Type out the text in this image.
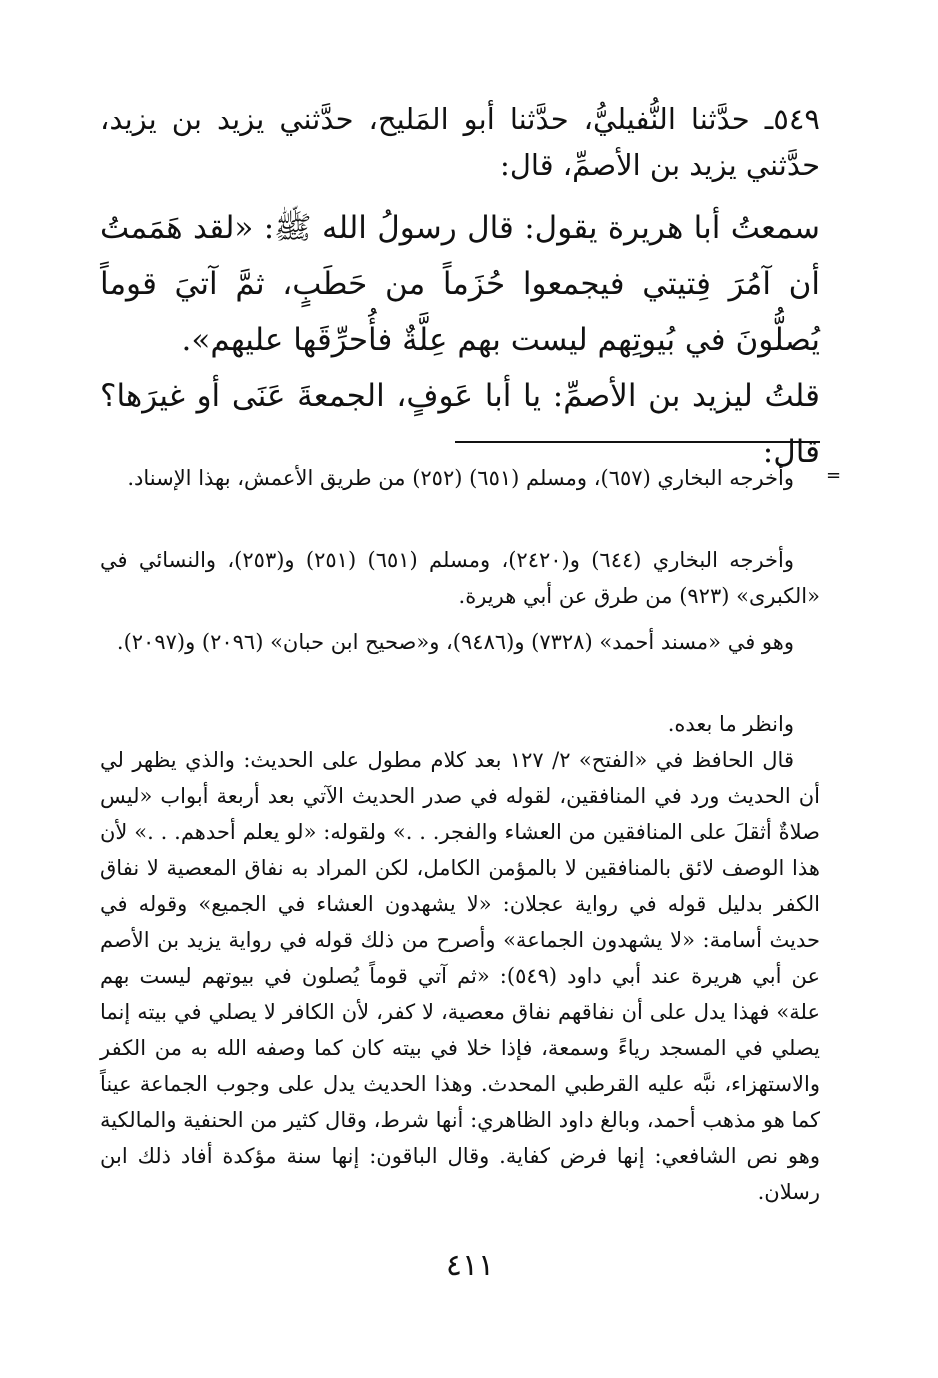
٥٤٩ـ حدَّثنا النُّفيليُّ، حدَّثنا أبو المَليح، حدَّثني يزيد بن يزيد، حدَّثني يزيد بن الأصمِّ، قال:

سمعتُ أبا هريرة يقول: قال رسولُ الله ﷺ: «لقد هَمَمتُ أن آمُرَ فِتيتي فيجمعوا حُزَماً من حَطَبٍ، ثمَّ آتيَ قوماً يُصلُّونَ في بُيوتِهم ليست بهم عِلَّةٌ فأُحرِّقَها عليهم».

قلتُ ليزيد بن الأصمِّ: يا أبا عَوفٍ، الجمعةَ عَنَى أو غيرَها؟ قال:

=

وأخرجه البخاري (٦٥٧)، ومسلم (٦٥١) (٢٥٢) من طريق الأعمش، بهذا الإسناد.

وأخرجه البخاري (٦٤٤) و(٢٤٢٠)، ومسلم (٦٥١) (٢٥١) و(٢٥٣)، والنسائي في «الكبرى» (٩٢٣) من طرق عن أبي هريرة.

وهو في «مسند أحمد» (٧٣٢٨) و(٩٤٨٦)، و«صحيح ابن حبان» (٢٠٩٦) و(٢٠٩٧).

وانظر ما بعده.

قال الحافظ في «الفتح» ٢/ ١٢٧ بعد كلام مطول على الحديث: والذي يظهر لي أن الحديث ورد في المنافقين، لقوله في صدر الحديث الآتي بعد أربعة أبواب «ليس صلاةٌ أثقلَ على المنافقين من العشاء والفجر. . .» ولقوله: «لو يعلم أحدهم. . .» لأن هذا الوصف لائق بالمنافقين لا بالمؤمن الكامل، لكن المراد به نفاق المعصية لا نفاق الكفر بدليل قوله في رواية عجلان: «لا يشهدون العشاء في الجميع» وقوله في حديث أسامة: «لا يشهدون الجماعة» وأصرح من ذلك قوله في رواية يزيد بن الأصم عن أبي هريرة عند أبي داود (٥٤٩): «ثم آتي قوماً يُصلون في بيوتهم ليست بهم علة» فهذا يدل على أن نفاقهم نفاق معصية، لا كفر، لأن الكافر لا يصلي في بيته إنما يصلي في المسجد رياءً وسمعة، فإذا خلا في بيته كان كما وصفه الله به من الكفر والاستهزاء، نبَّه عليه القرطبي المحدث. وهذا الحديث يدل على وجوب الجماعة عيناً كما هو مذهب أحمد، وبالغ داود الظاهري: أنها شرط، وقال كثير من الحنفية والمالكية وهو نص الشافعي: إنها فرض كفاية. وقال الباقون: إنها سنة مؤكدة أفاد ذلك ابن رسلان.

٤١١
